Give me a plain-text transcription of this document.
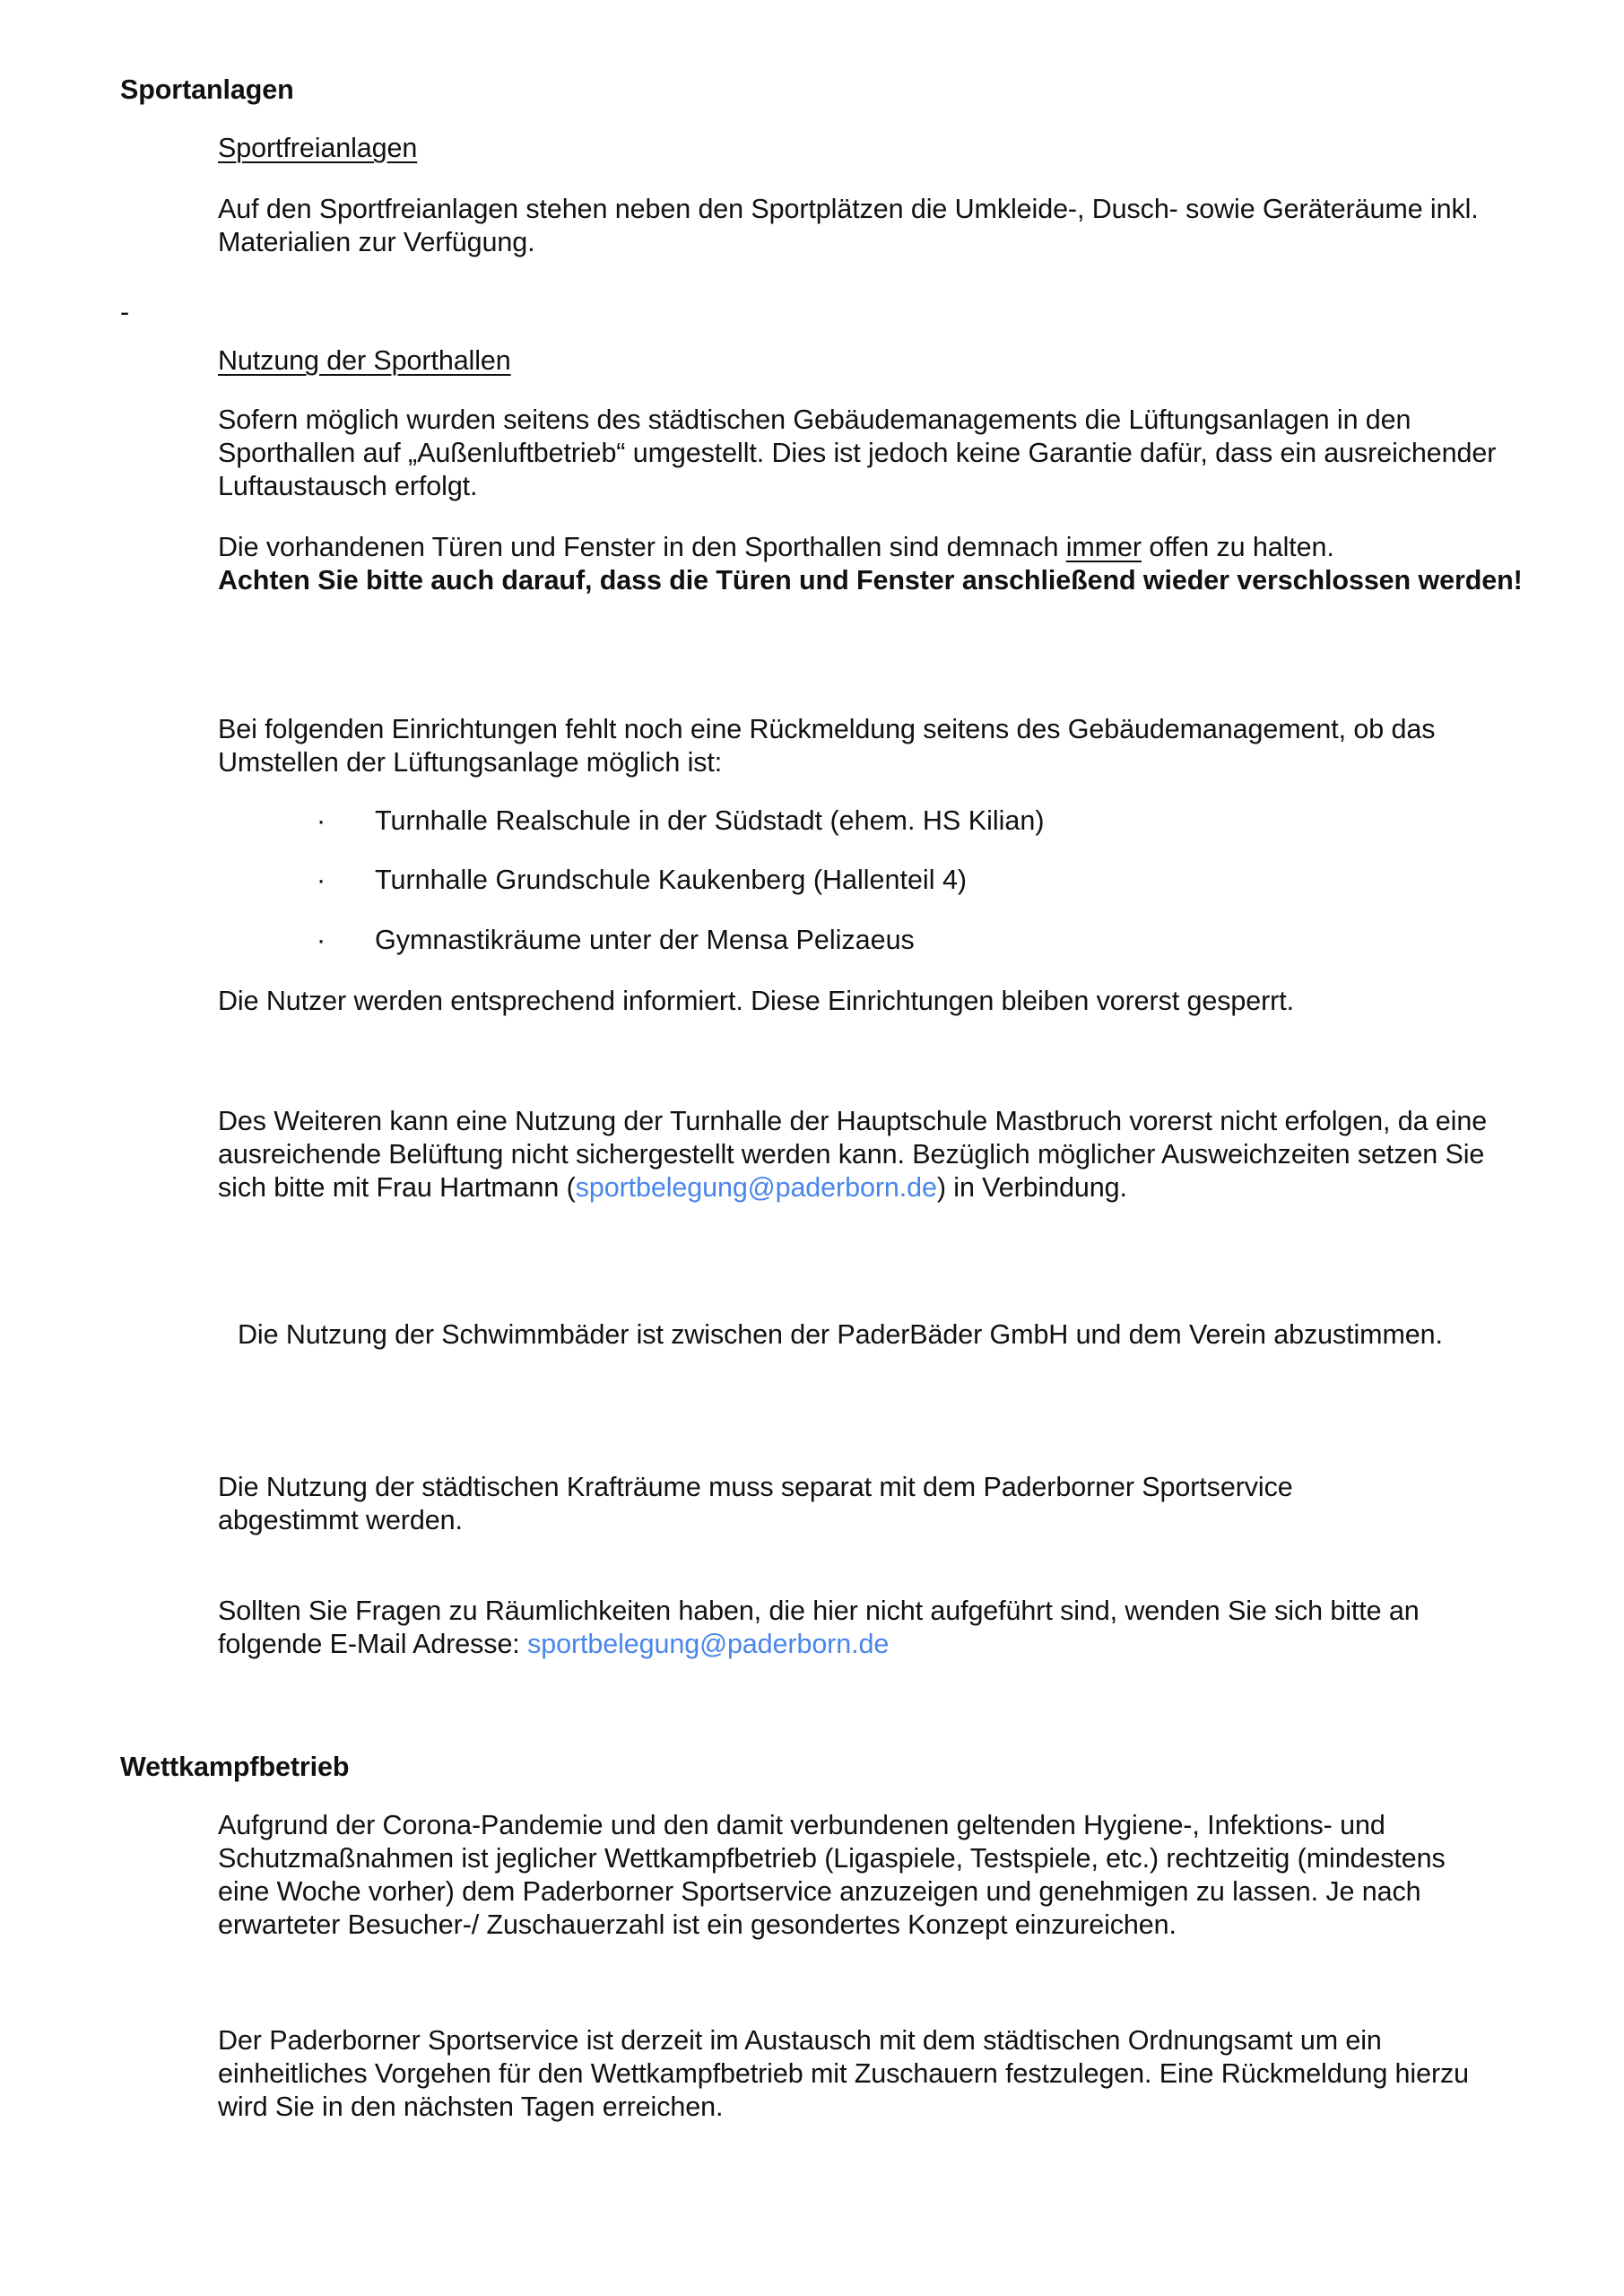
Sportanlagen
Sportfreianlagen
Auf den Sportfreianlagen stehen neben den Sportplätzen die Umkleide-, Dusch- sowie Geräteräume inkl. Materialien zur Verfügung.
-
Nutzung der Sporthallen
Sofern möglich wurden seitens des städtischen Gebäudemanagements die Lüftungsanlagen in den Sporthallen auf „Außenluftbetrieb“ umgestellt. Dies ist jedoch keine Garantie dafür, dass ein ausreichender Luftaustausch erfolgt.
Die vorhandenen Türen und Fenster in den Sporthallen sind demnach immer offen zu halten.
Achten Sie bitte auch darauf, dass die Türen und Fenster anschließend wieder verschlossen werden!
Bei folgenden Einrichtungen fehlt noch eine Rückmeldung seitens des Gebäudemanagement, ob das Umstellen der Lüftungsanlage möglich ist:
· Turnhalle Realschule in der Südstadt (ehem. HS Kilian)
· Turnhalle Grundschule Kaukenberg (Hallenteil 4)
· Gymnastikräume unter der Mensa Pelizaeus
Die Nutzer werden entsprechend informiert. Diese Einrichtungen bleiben vorerst gesperrt.
Des Weiteren kann eine Nutzung der Turnhalle der Hauptschule Mastbruch vorerst nicht erfolgen, da eine ausreichende Belüftung nicht sichergestellt werden kann. Bezüglich möglicher Ausweichzeiten setzen Sie sich bitte mit Frau Hartmann (sportbelegung@paderborn.de) in Verbindung.
Die Nutzung der Schwimmbäder ist zwischen der PaderBäder GmbH und dem Verein abzustimmen.
Die Nutzung der städtischen Krafträume muss separat mit dem Paderborner Sportservice abgestimmt werden.
Sollten Sie Fragen zu Räumlichkeiten haben, die hier nicht aufgeführt sind, wenden Sie sich bitte an folgende E-Mail Adresse: sportbelegung@paderborn.de
Wettkampfbetrieb
Aufgrund der Corona-Pandemie und den damit verbundenen geltenden Hygiene-, Infektions- und Schutzmaßnahmen ist jeglicher Wettkampfbetrieb (Ligaspiele, Testspiele, etc.) rechtzeitig (mindestens eine Woche vorher) dem Paderborner Sportservice anzuzeigen und genehmigen zu lassen. Je nach erwarteter Besucher-/ Zuschauerzahl ist ein gesondertes Konzept einzureichen.
Der Paderborner Sportservice ist derzeit im Austausch mit dem städtischen Ordnungsamt um ein einheitliches Vorgehen für den Wettkampfbetrieb mit Zuschauern festzulegen. Eine Rückmeldung hierzu wird Sie in den nächsten Tagen erreichen.
